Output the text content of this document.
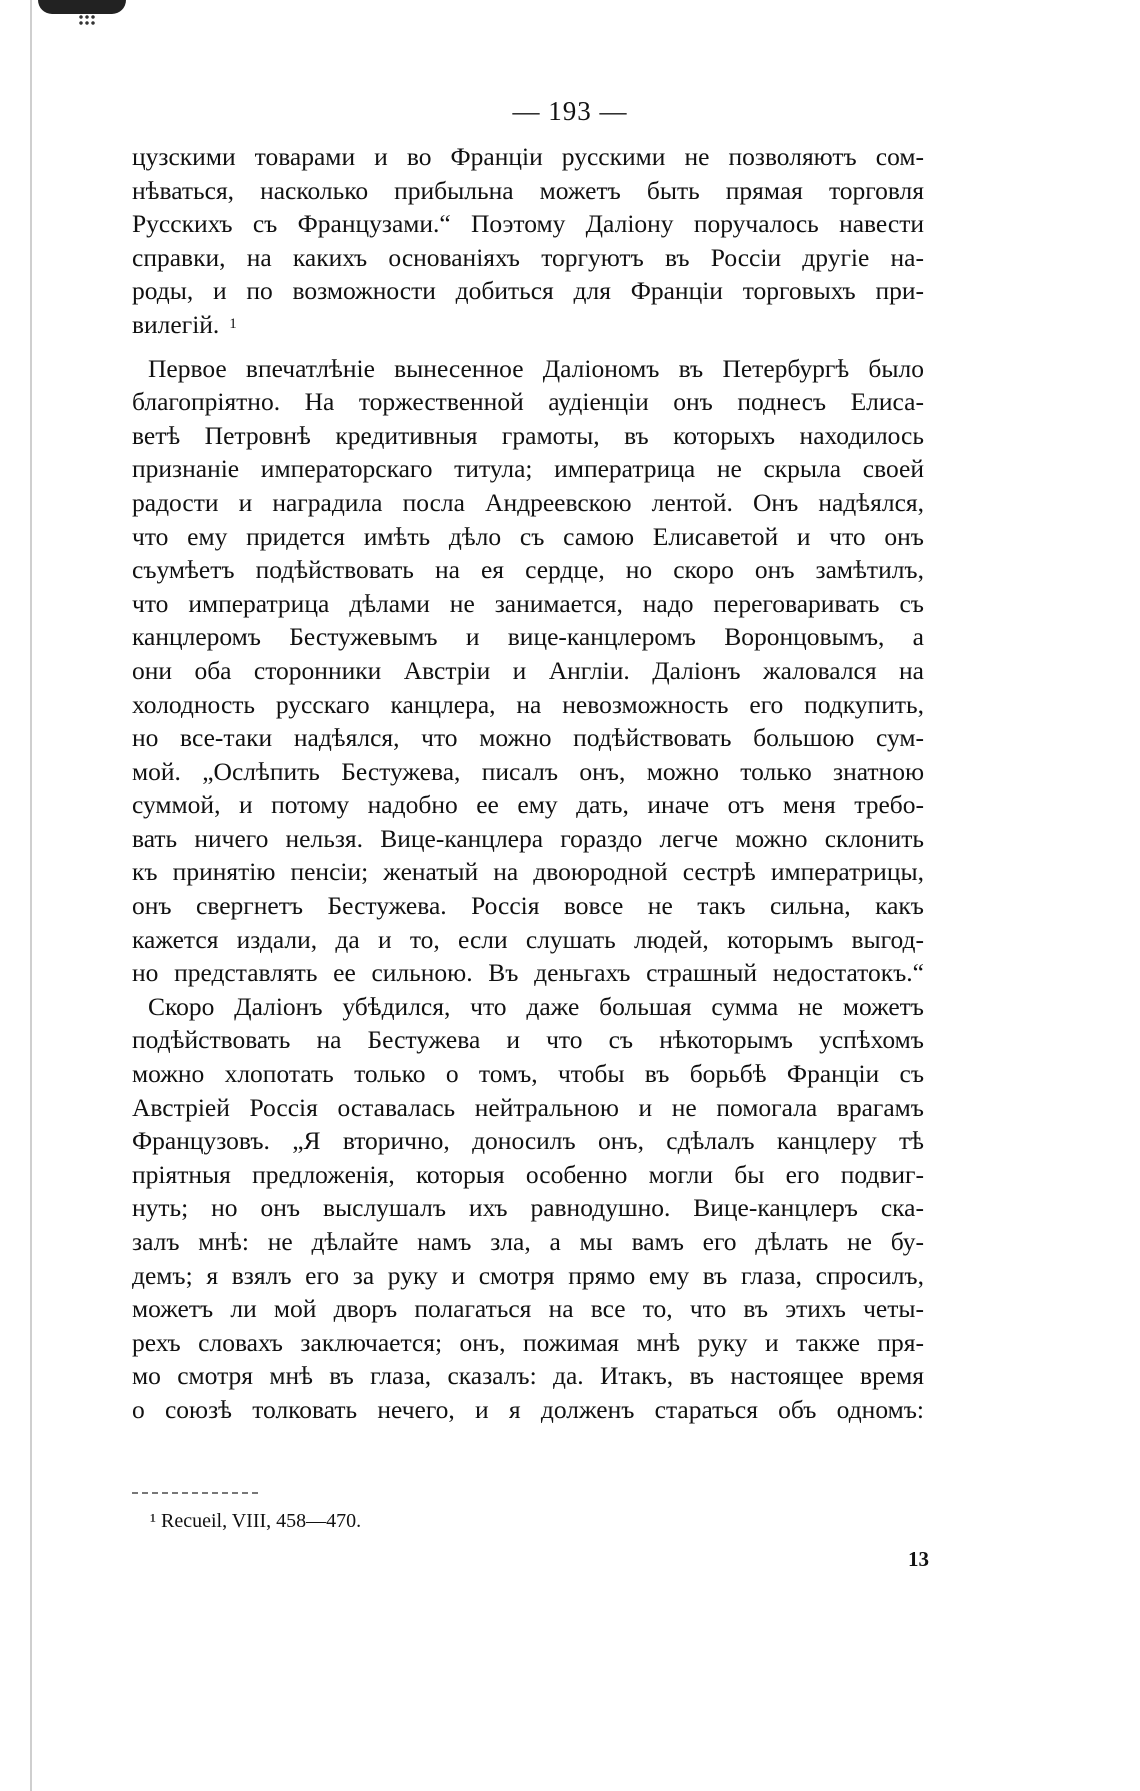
— 193 —
цузскими товарами и во Франціи русскими не позволяютъ сом-
нѣваться, насколько прибыльна можетъ быть прямая торговля
Русскихъ съ Французами.“ Поэтому Даліону поручалось навести
справки, на какихъ основаніяхъ торгуютъ въ Россіи другіе на-
роды, и по возможности добиться для Франціи торговыхъ при-
вилегій. $^1$
Первое впечатлѣніе вынесенное Даліономъ въ Петербургѣ было
благопріятно. На торжественной аудіенціи онъ поднесъ Елиса-
ветѣ Петровнѣ кредитивныя грамоты, въ которыхъ находилось
признаніе императорскаго титула; императрица не скрыла своей
радости и наградила посла Андреевскою лентой. Онъ надѣялся,
что ему придется имѣть дѣло съ самою Елисаветой и что онъ
съумѣетъ подѣйствовать на ея сердце, но скоро онъ замѣтилъ,
что императрица дѣлами не занимается, надо переговаривать съ
канцлеромъ Бестужевымъ и вице-канцлеромъ Воронцовымъ, а
они оба сторонники Австріи и Англіи. Даліонъ жаловался на
холодность русскаго канцлера, на невозможность его подкупить,
но все-таки надѣялся, что можно подѣйствовать большою сум-
мой. „Ослѣпить Бестужева, писалъ онъ, можно только знатною
суммой, и потому надобно ее ему дать, иначе отъ меня требо-
вать ничего нельзя. Вице-канцлера гораздо легче можно склонить
къ принятію пенсіи; женатый на двоюродной сестрѣ императрицы,
онъ свергнетъ Бестужева. Россія вовсе не такъ сильна, какъ
кажется издали, да и то, если слушать людей, которымъ выгод-
но представлять ее сильною. Въ деньгахъ страшный недостатокъ.“
Скоро Даліонъ убѣдился, что даже большая сумма не можетъ
подѣйствовать на Бестужева и что съ нѣкоторымъ успѣхомъ
можно хлопотать только о томъ, чтобы въ борьбѣ Франціи съ
Австріей Россія оставалась нейтральною и не помогала врагамъ
Французовъ. „Я вторично, доносилъ онъ, сдѣлалъ канцлеру тѣ
пріятныя предложенія, которыя особенно могли бы его подвиг-
нуть; но онъ выслушалъ ихъ равнодушно. Вице-канцлеръ ска-
залъ мнѣ: не дѣлайте намъ зла, а мы вамъ его дѣлать не бу-
демъ; я взялъ его за руку и смотря прямо ему въ глаза, спросилъ,
можетъ ли мой дворъ полагаться на все то, что въ этихъ четы-
рехъ словахъ заключается; онъ, пожимая мнѣ руку и также пря-
мо смотря мнѣ въ глаза, сказалъ: да. Итакъ, въ настоящее время
о союзѣ толковать нечего, и я долженъ стараться объ одномъ:
¹ Recueil, VIII, 458—470.
13
